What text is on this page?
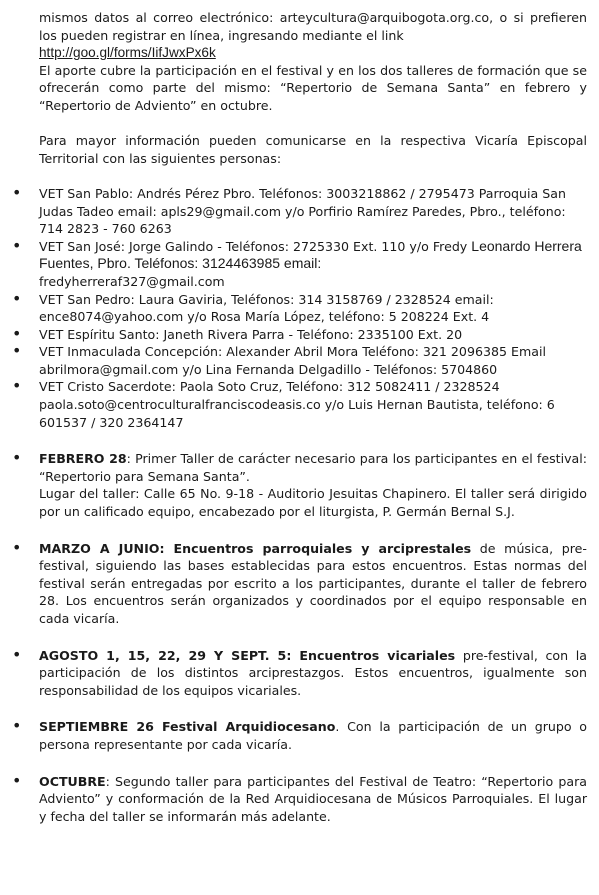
mismos datos al correo electrónico: arteycultura@arquibogota.org.co, o si prefieren los pueden registrar en línea, ingresando mediante el link

http://goo.gl/forms/IifJwxPx6k

El aporte cubre la participación en el festival y en los dos talleres de formación que se ofrecerán como parte del mismo: “Repertorio de Semana Santa” en febrero y “Repertorio de Adviento” en octubre.

Para mayor información pueden comunicarse en la respectiva Vicaría Episcopal Territorial con las siguientes personas:

• VET San Pablo: Andrés Pérez Pbro. Teléfonos: 3003218862 / 2795473 Parroquia San Judas Tadeo email: apls29@gmail.com y/o Porfirio Ramírez Paredes, Pbro., teléfono: 714 2823 - 760 6263
• VET San José: Jorge Galindo - Teléfonos: 2725330 Ext. 110 y/o Fredy Leonardo Herrera Fuentes, Pbro. Teléfonos: 3124463985 email:
fredyherreraf327@gmail.com
• VET San Pedro: Laura Gaviria, Teléfonos: 314 3158769 / 2328524 email: ence8074@yahoo.com y/o Rosa María López, teléfono: 5 208224 Ext. 4
• VET Espíritu Santo: Janeth Rivera Parra - Teléfono: 2335100 Ext. 20
• VET Inmaculada Concepción: Alexander Abril Mora Teléfono: 321 2096385 Email abrilmora@gmail.com y/o Lina Fernanda Delgadillo - Teléfonos: 5704860
• VET Cristo Sacerdote: Paola Soto Cruz, Teléfono: 312 5082411 / 2328524 paola.soto@centroculturalfranciscodeasis.co y/o Luis Hernan Bautista, teléfono: 6 601537 / 320 2364147

• FEBRERO 28: Primer Taller de carácter necesario para los participantes en el festival: “Repertorio para Semana Santa”.

Lugar del taller: Calle 65 No. 9-18 - Auditorio Jesuitas Chapinero. El taller será dirigido por un calificado equipo, encabezado por el liturgista, P. Germán Bernal S.J.

• MARZO A JUNIO: Encuentros parroquiales y arciprestales de música, pre-festival, siguiendo las bases establecidas para estos encuentros. Estas normas del festival serán entregadas por escrito a los participantes, durante el taller de febrero 28. Los encuentros serán organizados y coordinados por el equipo responsable en cada vicaría.

• AGOSTO 1, 15, 22, 29 Y SEPT. 5: Encuentros vicariales pre-festival, con la participación de los distintos arciprestazgos. Estos encuentros, igualmente son responsabilidad de los equipos vicariales.

• SEPTIEMBRE 26 Festival Arquidiocesano. Con la participación de un grupo o persona representante por cada vicaría.

• OCTUBRE: Segundo taller para participantes del Festival de Teatro: “Repertorio para Adviento” y conformación de la Red Arquidiocesana de Músicos Parroquiales. El lugar y fecha del taller se informarán más adelante.
